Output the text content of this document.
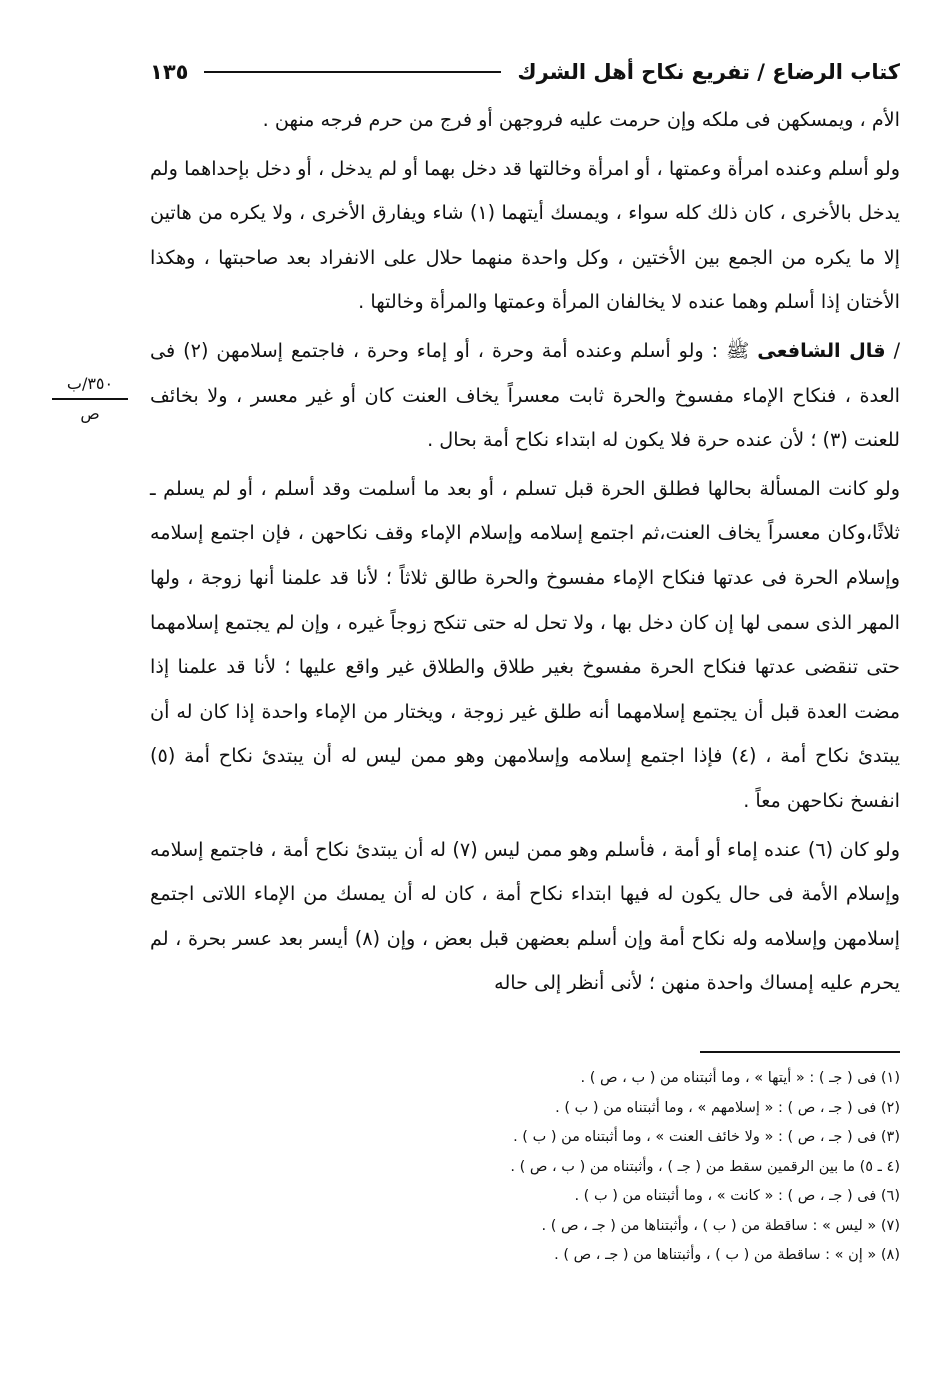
كتاب الرضاع / تفريع نكاح أهل الشرك
١٣٥
٣٥٠/ب
ص

الأم ، ويمسكهن فى ملكه وإن حرمت عليه فروجهن أو فرج من حرم فرجه منهن .

ولو أسلم وعنده امرأة وعمتها ، أو امرأة وخالتها قد دخل بهما أو لم يدخل ، أو دخل بإحداهما ولم يدخل بالأخرى ، كان ذلك كله سواء ، ويمسك أيتهما (١) شاء ويفارق الأخرى ، ولا يكره من هاتين إلا ما يكره من الجمع بين الأختين ، وكل واحدة منهما حلال على الانفراد بعد صاحبتها ، وهكذا الأختان إذا أسلم وهما عنده لا يخالفان المرأة وعمتها والمرأة وخالتها .

/ قال الشافعى ﷺ : ولو أسلم وعنده أمة وحرة ، أو إماء وحرة ، فاجتمع إسلامهن (٢) فى العدة ، فنكاح الإماء مفسوخ والحرة ثابت معسراً يخاف العنت كان أو غير معسر ، ولا بخائف للعنت (٣) ؛ لأن عنده حرة فلا يكون له ابتداء نكاح أمة بحال .

ولو كانت المسألة بحالها فطلق الحرة قبل تسلم ، أو بعد ما أسلمت وقد أسلم ، أو لم يسلم ـ ثلاثًا،وكان معسراً يخاف العنت،ثم اجتمع إسلامه وإسلام الإماء وقف نكاحهن ، فإن اجتمع إسلامه وإسلام الحرة فى عدتها فنكاح الإماء مفسوخ والحرة طالق ثلاثاً ؛ لأنا قد علمنا أنها زوجة ، ولها المهر الذى سمى لها إن كان دخل بها ، ولا تحل له حتى تنكح زوجاً غيره ، وإن لم يجتمع إسلامهما حتى تنقضى عدتها فنكاح الحرة مفسوخ بغير طلاق والطلاق غير واقع عليها ؛ لأنا قد علمنا إذا مضت العدة قبل أن يجتمع إسلامهما أنه طلق غير زوجة ، ويختار من الإماء واحدة إذا كان له أن يبتدئ نكاح أمة ، (٤) فإذا اجتمع إسلامه وإسلامهن وهو ممن ليس له أن يبتدئ نكاح أمة (٥) انفسخ نكاحهن معاً .

ولو كان (٦) عنده إماء أو أمة ، فأسلم وهو ممن ليس (٧) له أن يبتدئ نكاح أمة ، فاجتمع إسلامه وإسلام الأمة فى حال يكون له فيها ابتداء نكاح أمة ، كان له أن يمسك من الإماء اللاتى اجتمع إسلامهن وإسلامه وله نكاح أمة وإن أسلم بعضهن قبل بعض ، وإن (٨) أيسر بعد عسر بحرة ، لم يحرم عليه إمساك واحدة منهن ؛ لأنى أنظر إلى حاله

(١) فى ( جـ ) : « أيتها » ، وما أثبتناه من ( ب ، ص ) .
(٢) فى ( جـ ، ص ) : « إسلامهم » ، وما أثبتناه من ( ب ) .
(٣) فى ( جـ ، ص ) : « ولا خائف العنت » ، وما أثبتناه من ( ب ) .
(٤ ـ ٥) ما بين الرقمين سقط من ( جـ ) ، وأثبتناه من ( ب ، ص ) .
(٦) فى ( جـ ، ص ) : « كانت » ، وما أثبتناه من ( ب ) .
(٧) « ليس » : ساقطة من ( ب ) ، وأثبتناها من ( جـ ، ص ) .
(٨) « إن » : ساقطة من ( ب ) ، وأثبتناها من ( جـ ، ص ) .
